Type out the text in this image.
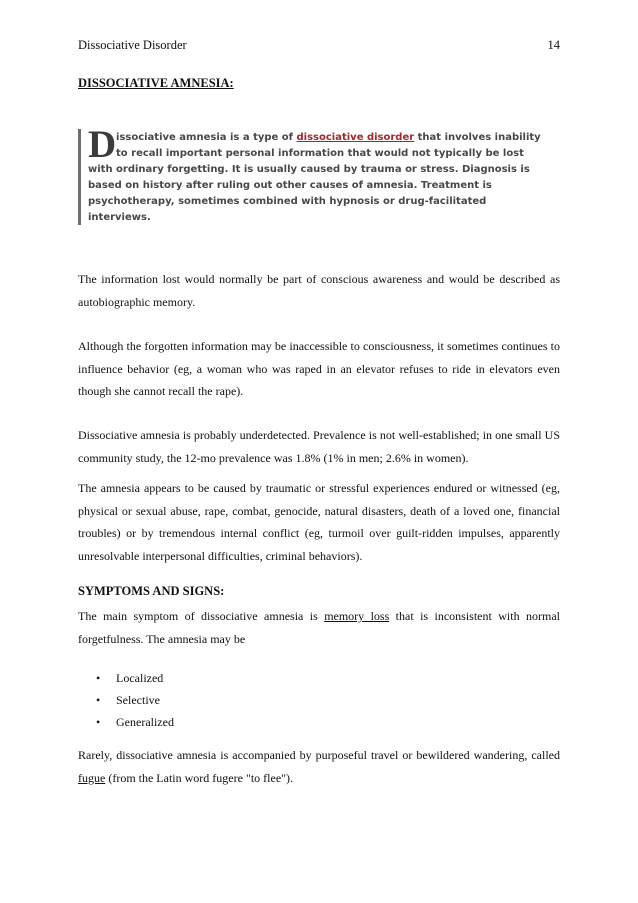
Dissociative Disorder	14
DISSOCIATIVE AMNESIA:
D issociative amnesia is a type of dissociative disorder that involves inability
to recall important personal information that would not typically be lost
with ordinary forgetting. It is usually caused by trauma or stress. Diagnosis is
based on history after ruling out other causes of amnesia. Treatment is
psychotherapy, sometimes combined with hypnosis or drug-facilitated
interviews.

The information lost would normally be part of conscious awareness and would be described as autobiographic memory.

Although the forgotten information may be inaccessible to consciousness, it sometimes continues to influence behavior (eg, a woman who was raped in an elevator refuses to ride in elevators even though she cannot recall the rape).

Dissociative amnesia is probably underdetected. Prevalence is not well-established; in one small US community study, the 12-mo prevalence was 1.8% (1% in men; 2.6% in women).

The amnesia appears to be caused by traumatic or stressful experiences endured or witnessed (eg, physical or sexual abuse, rape, combat, genocide, natural disasters, death of a loved one, financial troubles) or by tremendous internal conflict (eg, turmoil over guilt-ridden impulses, apparently unresolvable interpersonal difficulties, criminal behaviors).

SYMPTOMS AND SIGNS:

The main symptom of dissociative amnesia is memory loss that is inconsistent with normal forgetfulness. The amnesia may be

• Localized
• Selective
• Generalized

Rarely, dissociative amnesia is accompanied by purposeful travel or bewildered wandering, called fugue (from the Latin word fugere "to flee").
